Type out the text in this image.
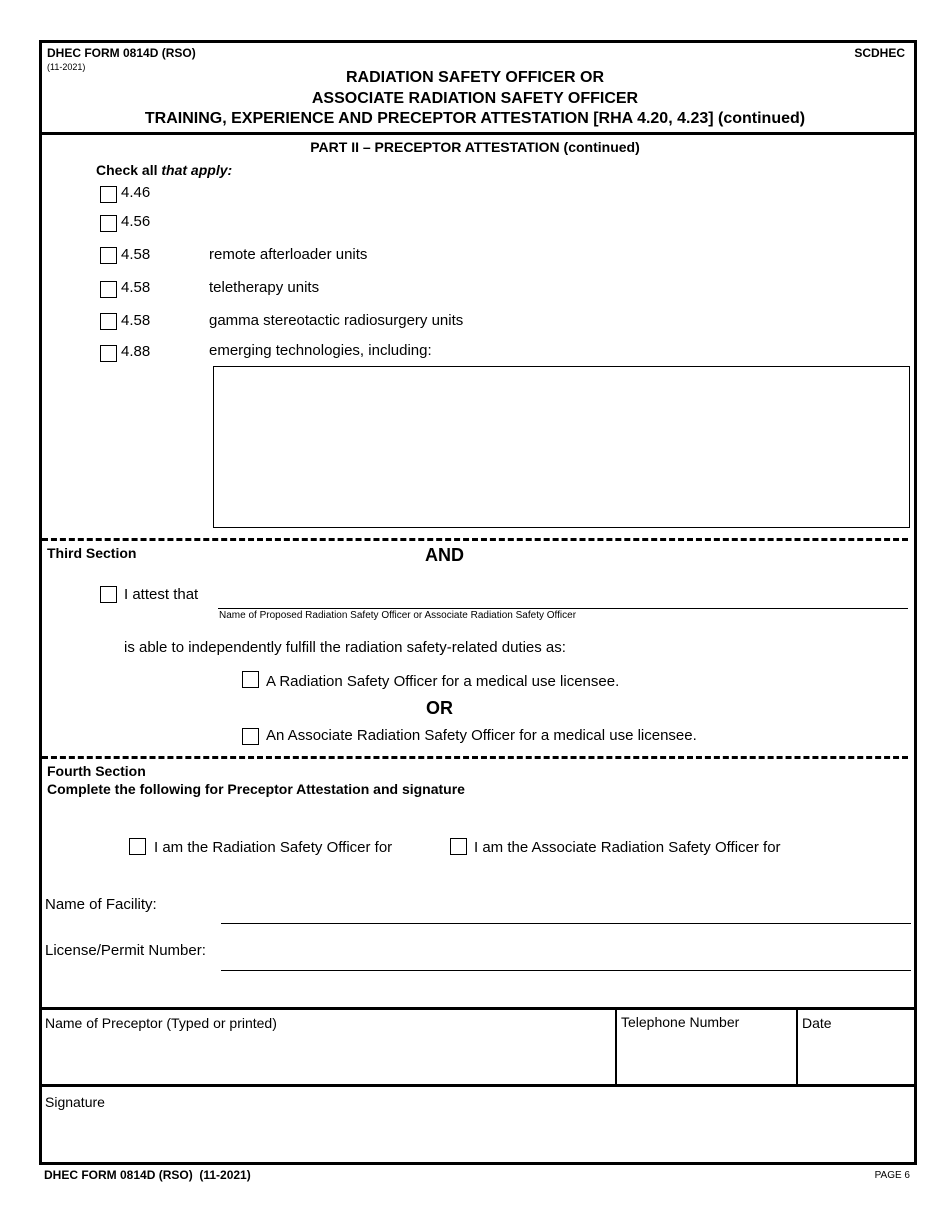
DHEC FORM 0814D (RSO)
(11-2021)
SCDHEC
RADIATION SAFETY OFFICER OR
ASSOCIATE RADIATION SAFETY OFFICER
TRAINING, EXPERIENCE AND PRECEPTOR ATTESTATION [RHA 4.20, 4.23] (continued)
PART II – PRECEPTOR ATTESTATION (continued)
Check all that apply:
4.46
4.56
4.58	remote afterloader units
4.58	teletherapy units
4.58	gamma stereotactic radiosurgery units
4.88	emerging technologies, including:
Third Section	AND
I attest that
Name of Proposed Radiation Safety Officer or Associate Radiation Safety Officer
is able to independently fulfill the radiation safety-related duties as:
A Radiation Safety Officer for a medical use licensee.
OR
An Associate Radiation Safety Officer for a medical use licensee.
Fourth Section
Complete the following for Preceptor Attestation and signature
I am the Radiation Safety Officer for	I am the Associate Radiation Safety Officer for
Name of Facility:
License/Permit Number:
Name of Preceptor (Typed or printed)	Telephone Number	Date
Signature
DHEC FORM 0814D (RSO)  (11-2021)	PAGE 6
